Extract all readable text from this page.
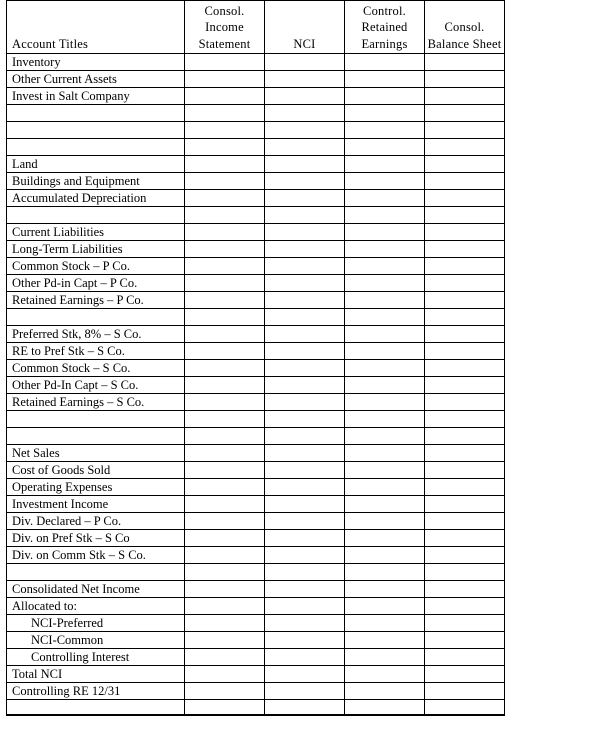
Account Titles	Consol. Income Statement	NCI	Control. Retained Earnings	Consol. Balance Sheet
Inventory				
Other Current Assets				
Invest in Salt Company				

Land				
Buildings and Equipment				
Accumulated Depreciation				

Current Liabilities				
Long-Term Liabilities				
Common Stock – P Co.				
Other Pd-in Capt – P Co.				
Retained Earnings – P Co.				

Preferred Stk, 8% – S Co.				
RE to Pref Stk – S Co.				
Common Stock – S Co.				
Other Pd-In Capt – S Co.				
Retained Earnings – S Co.				

Net Sales				
Cost of Goods Sold				
Operating Expenses				
Investment Income				
Div. Declared – P Co.				
Div. on Pref Stk – S Co				
Div. on Comm Stk – S Co.				

Consolidated Net Income				
Allocated to:				
NCI-Preferred				
NCI-Common				
Controlling Interest				
Total NCI				
Controlling RE 12/31				
